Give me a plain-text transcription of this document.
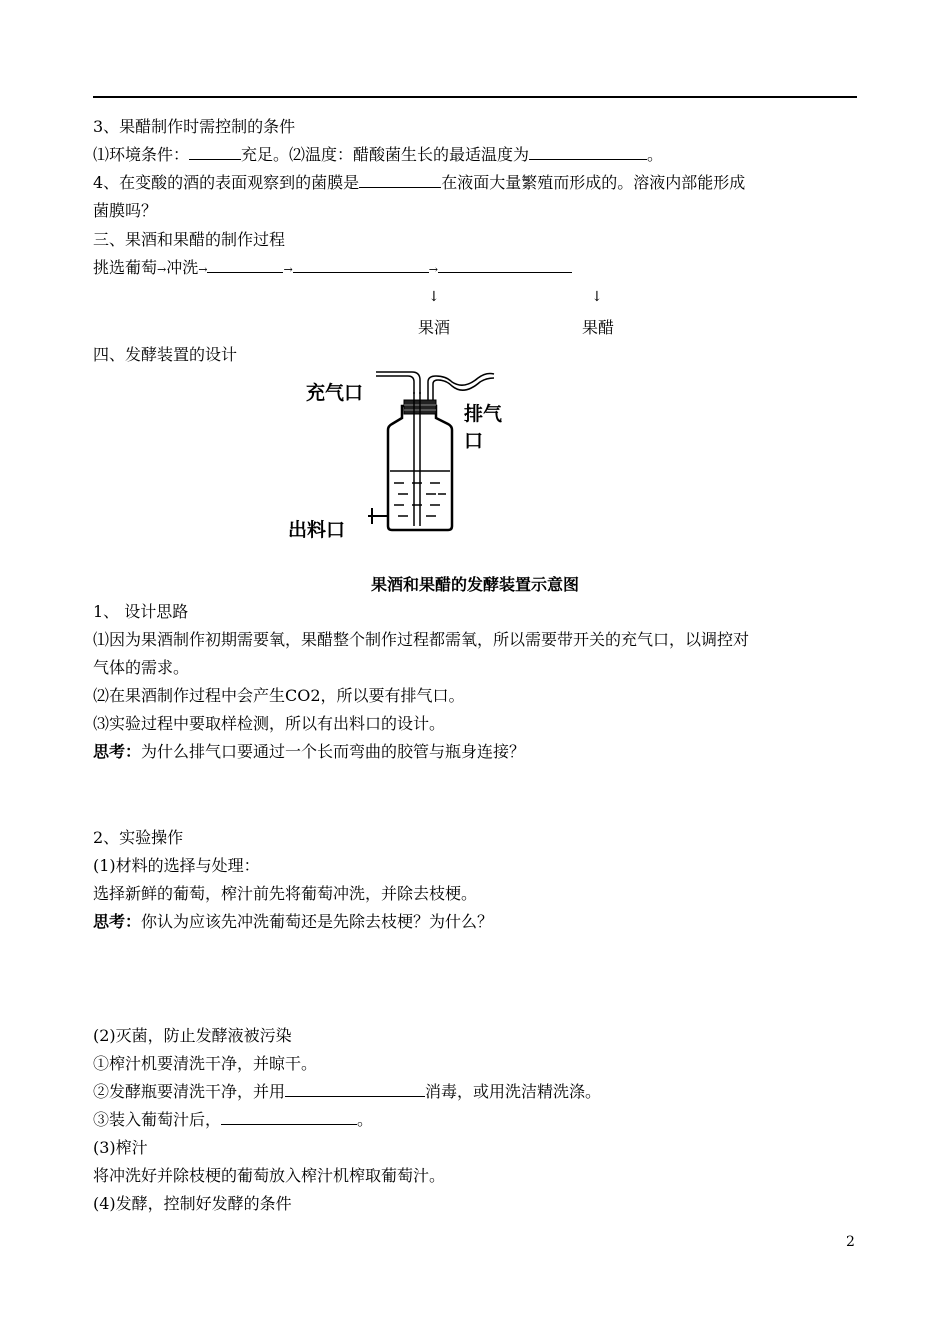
3、果醋制作时需控制的条件
⑴环境条件：	充足。⑵温度：醋酸菌生长的最适温度为	。
4、在变酸的酒的表面观察到的菌膜是	在液面大量繁殖而形成的。溶液内部能形成
菌膜吗？
三、果酒和果醋的制作过程
挑选葡萄→冲洗→	→	→
↓	↓
果酒	果醋
四、发酵装置的设计
充气口
排气口
出料口
果酒和果醋的发酵装置示意图
1、 设计思路
⑴因为果酒制作初期需要氧，果醋整个制作过程都需氧，所以需要带开关的充气口，以调控对
气体的需求。
⑵在果酒制作过程中会产生CO2，所以要有排气口。
⑶实验过程中要取样检测，所以有出料口的设计。
思考：为什么排气口要通过一个长而弯曲的胶管与瓶身连接？
2、实验操作
(1)材料的选择与处理：
选择新鲜的葡萄，榨汁前先将葡萄冲洗，并除去枝梗。
思考：你认为应该先冲洗葡萄还是先除去枝梗？为什么？
(2)灭菌，防止发酵液被污染
①榨汁机要清洗干净，并晾干。
②发酵瓶要清洗干净，并用	消毒，或用洗洁精洗涤。
③装入葡萄汁后，	。
(3)榨汁
将冲洗好并除枝梗的葡萄放入榨汁机榨取葡萄汁。
(4)发酵，控制好发酵的条件
2
